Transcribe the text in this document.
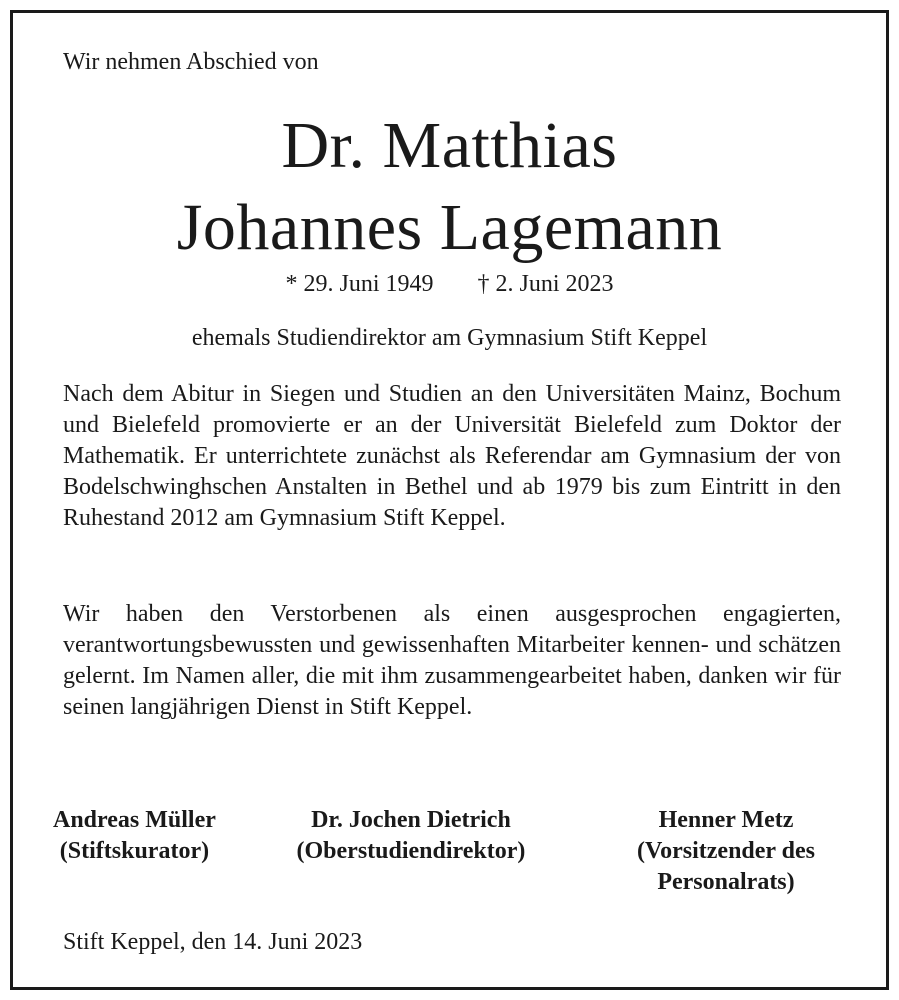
Wir nehmen Abschied von
Dr. Matthias
Johannes Lagemann
* 29. Juni 1949 † 2. Juni 2023
ehemals Studiendirektor am Gymnasium Stift Keppel
Nach dem Abitur in Siegen und Studien an den Universitäten Mainz, Bochum und Bielefeld promovierte er an der Universität Bielefeld zum Doktor der Mathematik. Er unterrichtete zunächst als Referendar am Gymnasium der von Bodelschwinghschen Anstalten in Bethel und ab 1979 bis zum Eintritt in den Ruhestand 2012 am Gymnasium Stift Keppel.
Wir haben den Verstorbenen als einen ausgesprochen engagierten, verantwortungsbewussten und gewissenhaften Mitarbeiter kennen- und schätzen gelernt. Im Namen aller, die mit ihm zusammengearbeitet haben, danken wir für seinen langjährigen Dienst in Stift Keppel.
Andreas Müller
(Stiftskurator)
Dr. Jochen Dietrich
(Oberstudiendirektor)
Henner Metz
(Vorsitzender des Personalrats)
Stift Keppel, den 14. Juni 2023
